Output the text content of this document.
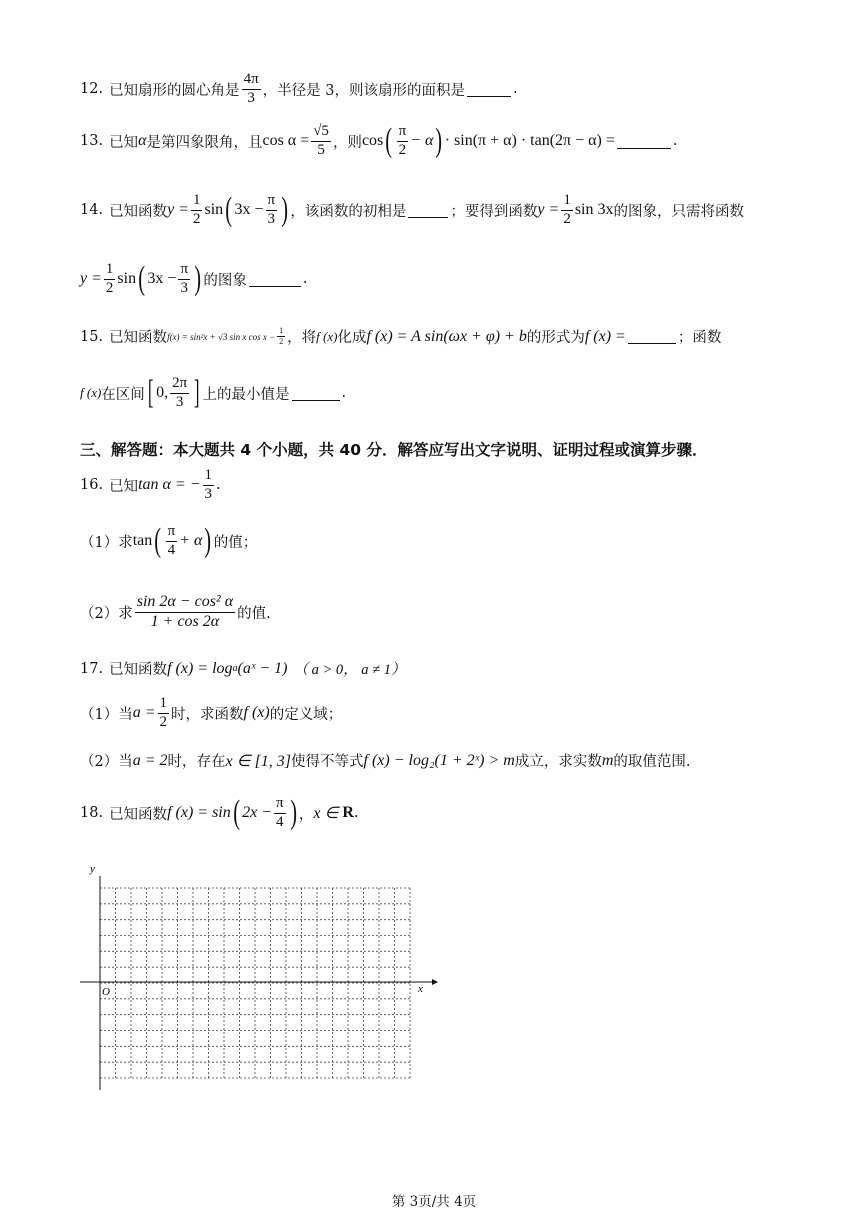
12. 已知扇形的圆心角是 $\frac{4\pi}{3}$ ，半径是 3，则该扇形的面积是	.
13. 已知 α 是第四象限角，且 $\cos \alpha = \frac{√5}{5}$ ，则 cos ( $\frac{\pi}{2} - \alpha$ ) · sin(π + α) · tan(2π − α) =	.
14. 已知函数 $y = \frac{1}{2}$ sin ( $3x - \frac{\pi}{3}$ ) ，该函数的初相是	；要得到函数 $y = \frac{1}{2}$ sin 3x 的图象，只需将函数
$y = \frac{1}{2}$ sin ( $3x - \frac{\pi}{3}$ ) 的图象	.
15. 已知函数 f(x) = sin²x + √3 sin x $\cos x - \frac{1}{2}$ ，将 f (x) 化成 f (x) = A sin(ωx + φ) + b 的形式为 f (x) =	；函数
f (x) 在区间 [ 0, $\frac{2\pi}{3}$ ] 上的最小值是	.
三、解答题：本大题共 4 个小题，共 40 分．解答应写出文字说明、证明过程或演算步骤．
16. 已知 tan α = − $\frac{1}{3}$ .
（1）求 tan ( $\frac{\pi}{4} + \alpha$ ) 的值；
（2）求 $\frac{\text{sin 2α − cos² α}}{1 + \cos 2\alpha}$ 的值.
17. 已知函数 f (x) = log a (aˣ − 1) （ a > 0， a ≠ 1）
（1）当 $a = \frac{1}{2}$ 时，求函数 f (x) 的定义域；
（2）当 a = 2 时，存在 x ∈ [1, 3] 使得不等式 f (x) − log₂(1 + 2ˣ) > m 成立，求实数 m 的取值范围.
18. 已知函数 f (x) = sin ( $2x - \frac{\pi}{4}$ ) ， x ∈ R .
y
x
O
第 3页/共 4页
